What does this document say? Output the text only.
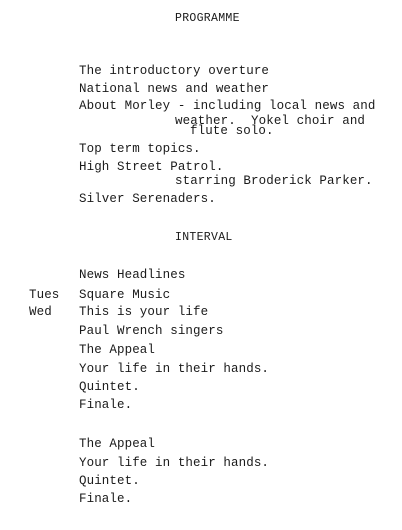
PROGRAMME
The introductory overture
National news and weather
About Morley - including local news and
weather.  Yokel choir and
flute solo.
Top term topics.
High Street Patrol.
starring Broderick Parker.
Silver Serenaders.
INTERVAL
News Headlines
Tues Square Music
Wed This is your life
Paul Wrench singers
The Appeal
Your life in their hands.
Quintet.
Finale.
The Appeal
Your life in their hands.
Quintet.
Finale.
